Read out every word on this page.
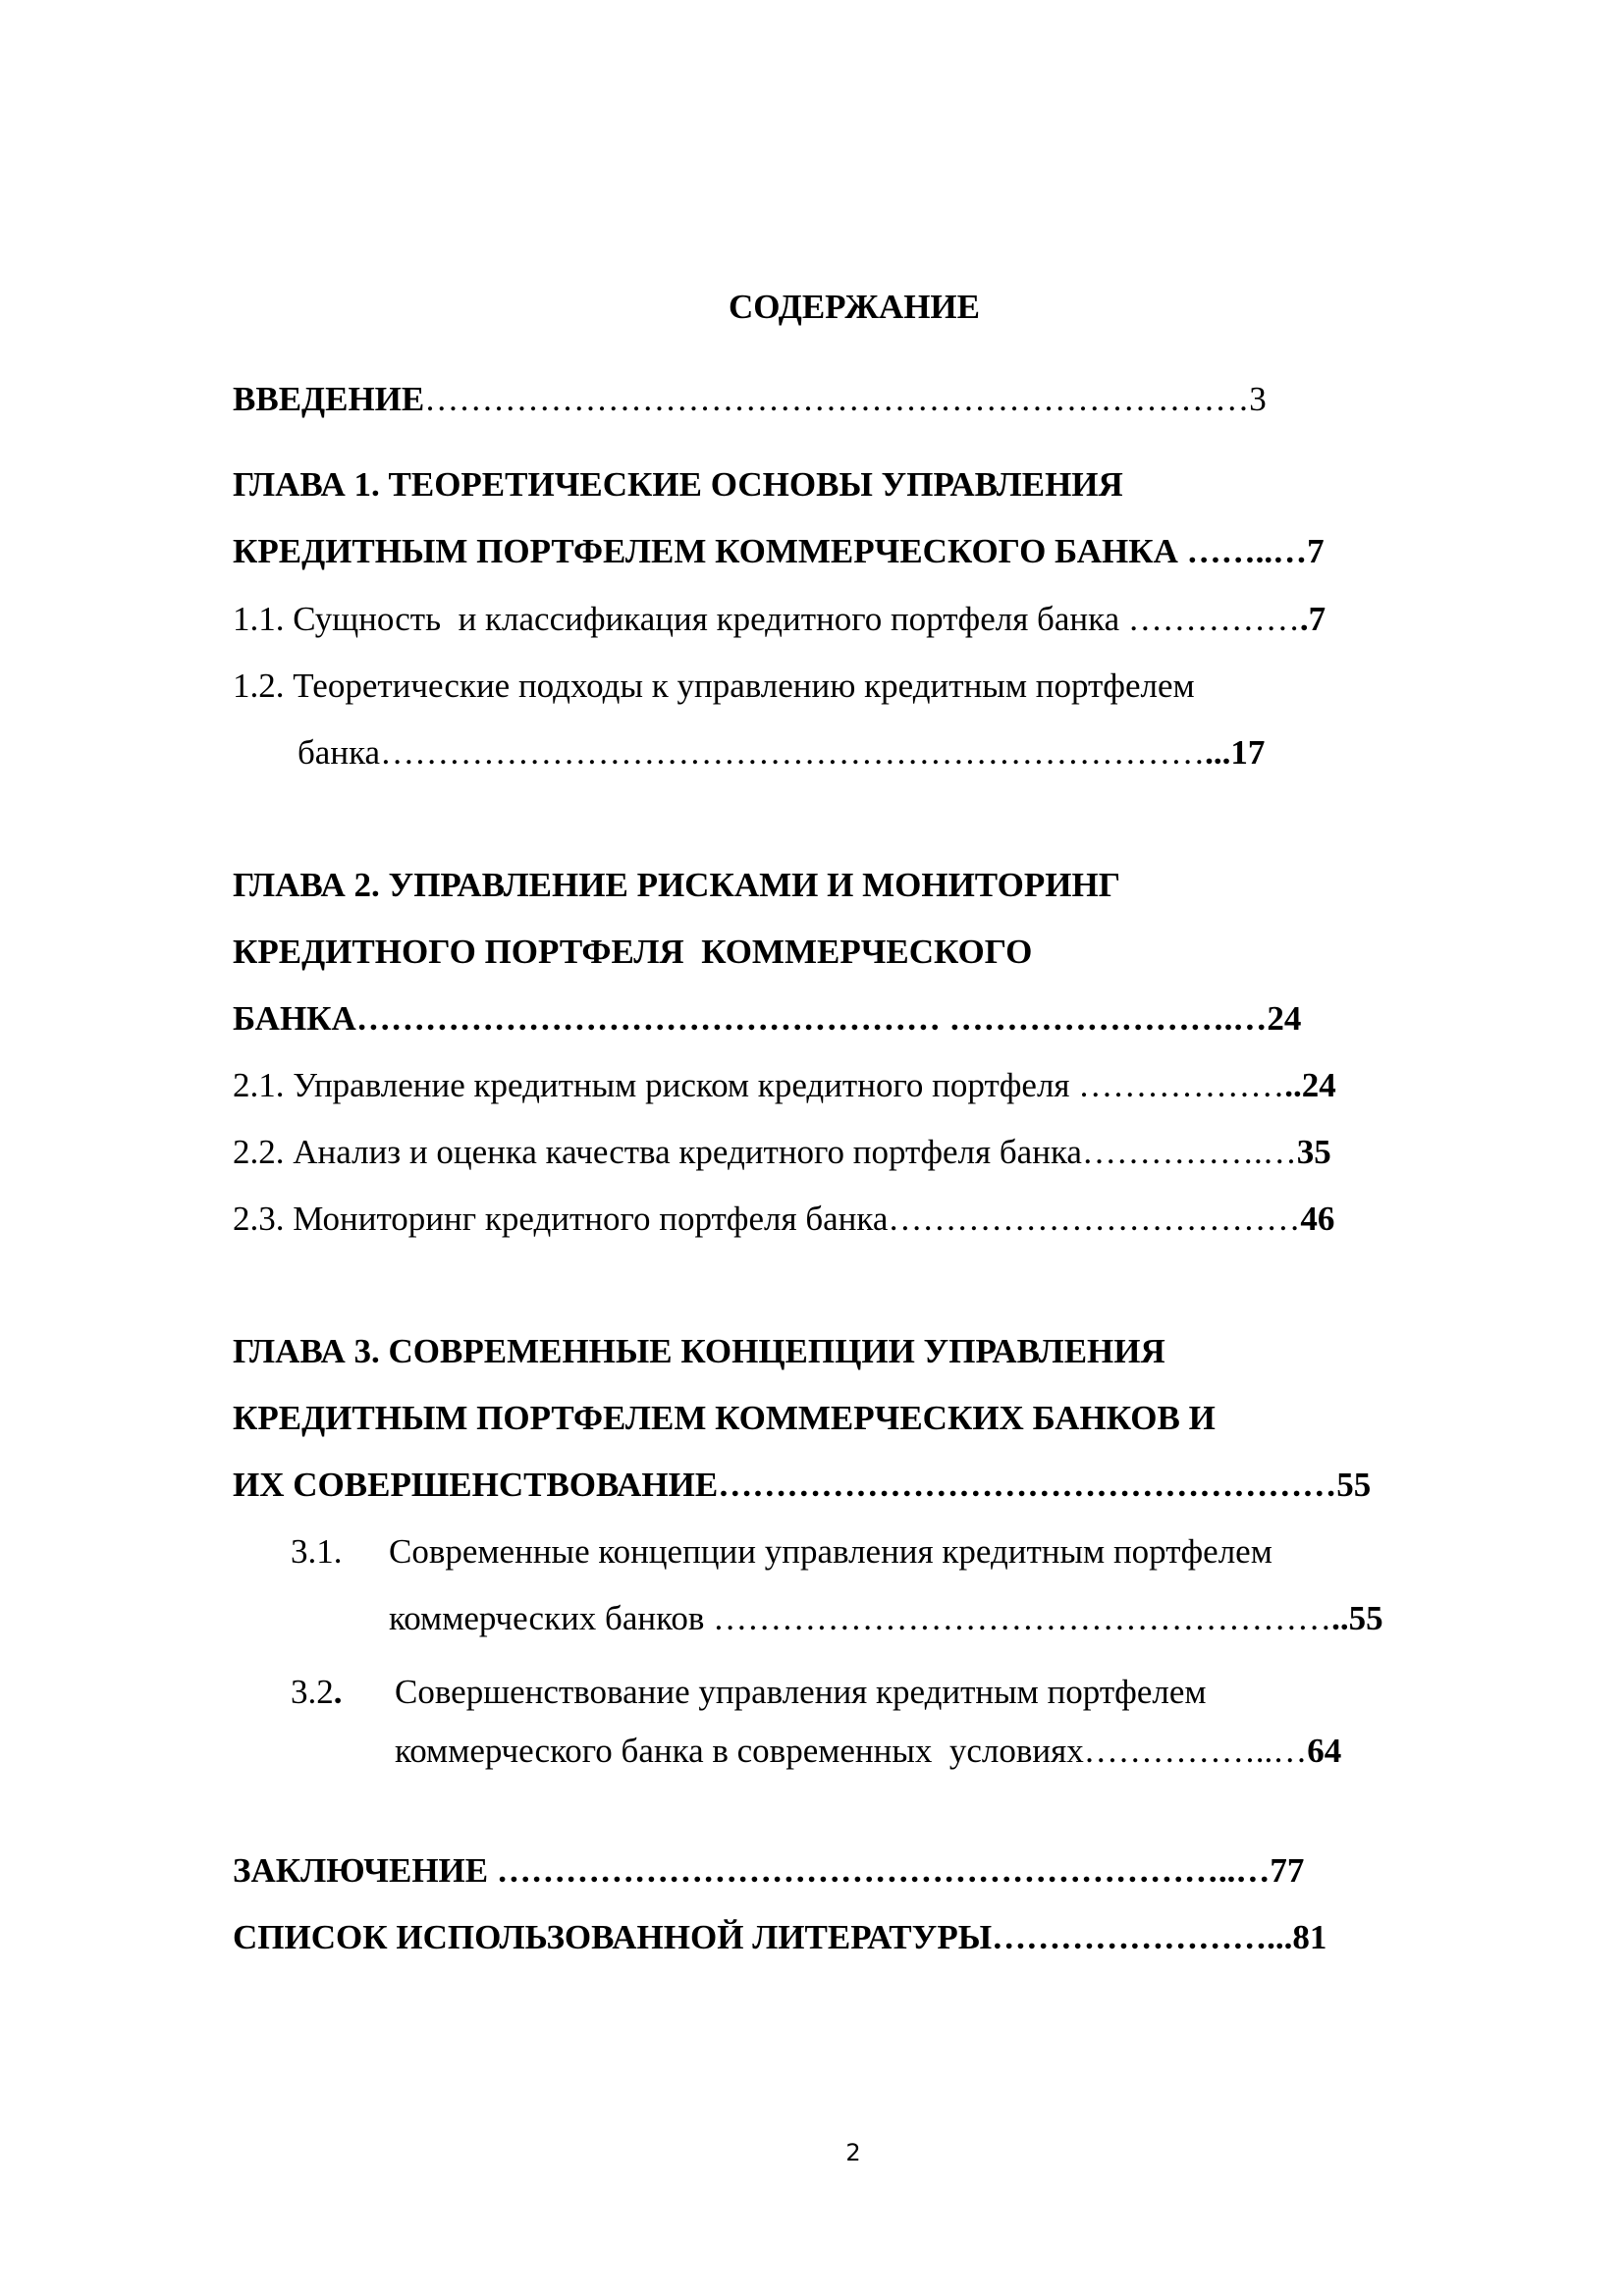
СОДЕРЖАНИЕ
ВВЕДЕНИЕ………………………………………………………………3
ГЛАВА 1. ТЕОРЕТИЧЕСКИЕ ОСНОВЫ УПРАВЛЕНИЯ
КРЕДИТНЫМ ПОРТФЕЛЕМ КОММЕРЧЕСКОГО БАНКА ……..…7
1.1. Сущность  и классификация кредитного портфеля банка …………….7
1.2. Теоретические подходы к управлению кредитным портфелем
банка………………………………………………………………...17
ГЛАВА 2. УПРАВЛЕНИЕ РИСКАМИ И МОНИТОРИНГ
КРЕДИТНОГО ПОРТФЕЛЯ  КОММЕРЧЕСКОГО
БАНКА…………………………………………… …………………….…24
2.1. Управление кредитным риском кредитного портфеля ………………..24
2.2. Анализ и оценка качества кредитного портфеля банка…………….…35
2.3. Мониторинг кредитного портфеля банка………………………………46
ГЛАВА 3. СОВРЕМЕННЫЕ КОНЦЕПЦИИ УПРАВЛЕНИЯ
КРЕДИТНЫМ ПОРТФЕЛЕМ КОММЕРЧЕСКИХ БАНКОВ И
ИХ СОВЕРШЕНСТВОВАНИЕ………………………………………………55
3.1. Современные концепции управления кредитным портфелем
коммерческих банков ………………………………………………..55
3.2. Совершенствование управления кредитным портфелем
коммерческого банка в современных  условиях……………..…64
ЗАКЛЮЧЕНИЕ ………………………………………………………..…77
СПИСОК ИСПОЛЬЗОВАННОЙ ЛИТЕРАТУРЫ……………………...81
2
